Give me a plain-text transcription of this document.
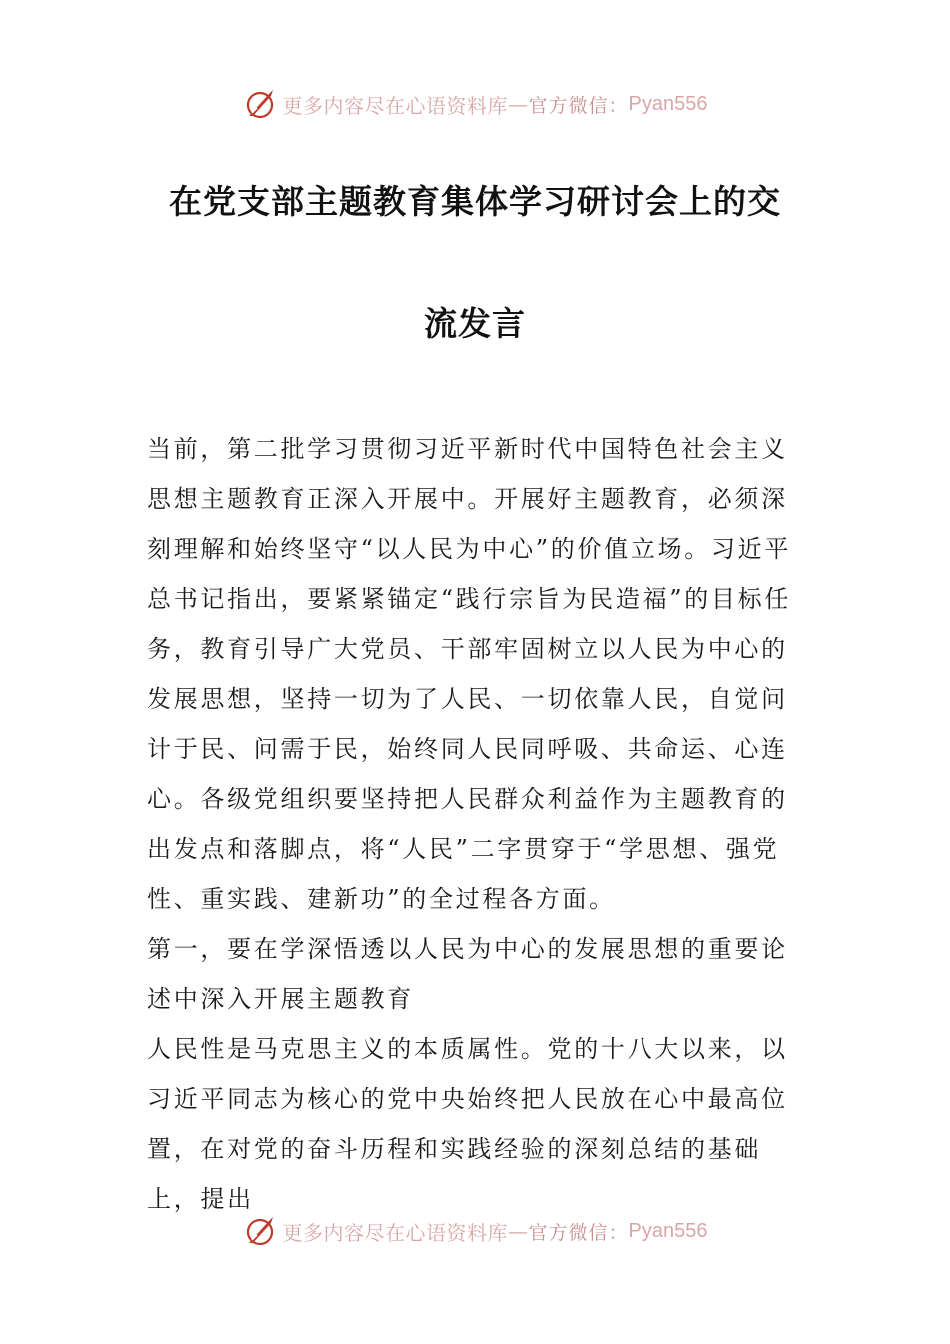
更多内容尽在心语资料库 — 官方微信： Pyan556
在党支部主题教育集体学习研讨会上的交
流发言

当前，第二批学习贯彻习近平新时代中国特色社会主义思想主题教育正深入开展中。开展好主题教育，必须深刻理解和始终坚守“以人民为中心”的价值立场。习近平总书记指出，要紧紧锚定“践行宗旨为民造福”的目标任务，教育引导广大党员、干部牢固树立以人民为中心的发展思想，坚持一切为了人民、一切依靠人民，自觉问计于民、问需于民，始终同人民同呼吸、共命运、心连心。各级党组织要坚持把人民群众利益作为主题教育的出发点和落脚点，将“人民”二字贯穿于“学思想、强党性、重实践、建新功”的全过程各方面。

第一，要在学深悟透以人民为中心的发展思想的重要论述中深入开展主题教育

人民性是马克思主义的本质属性。党的十八大以来，以习近平同志为核心的党中央始终把人民放在心中最高位置，在对党的奋斗历程和实践经验的深刻总结的基础上，提出

更多内容尽在心语资料库 — 官方微信： Pyan556
